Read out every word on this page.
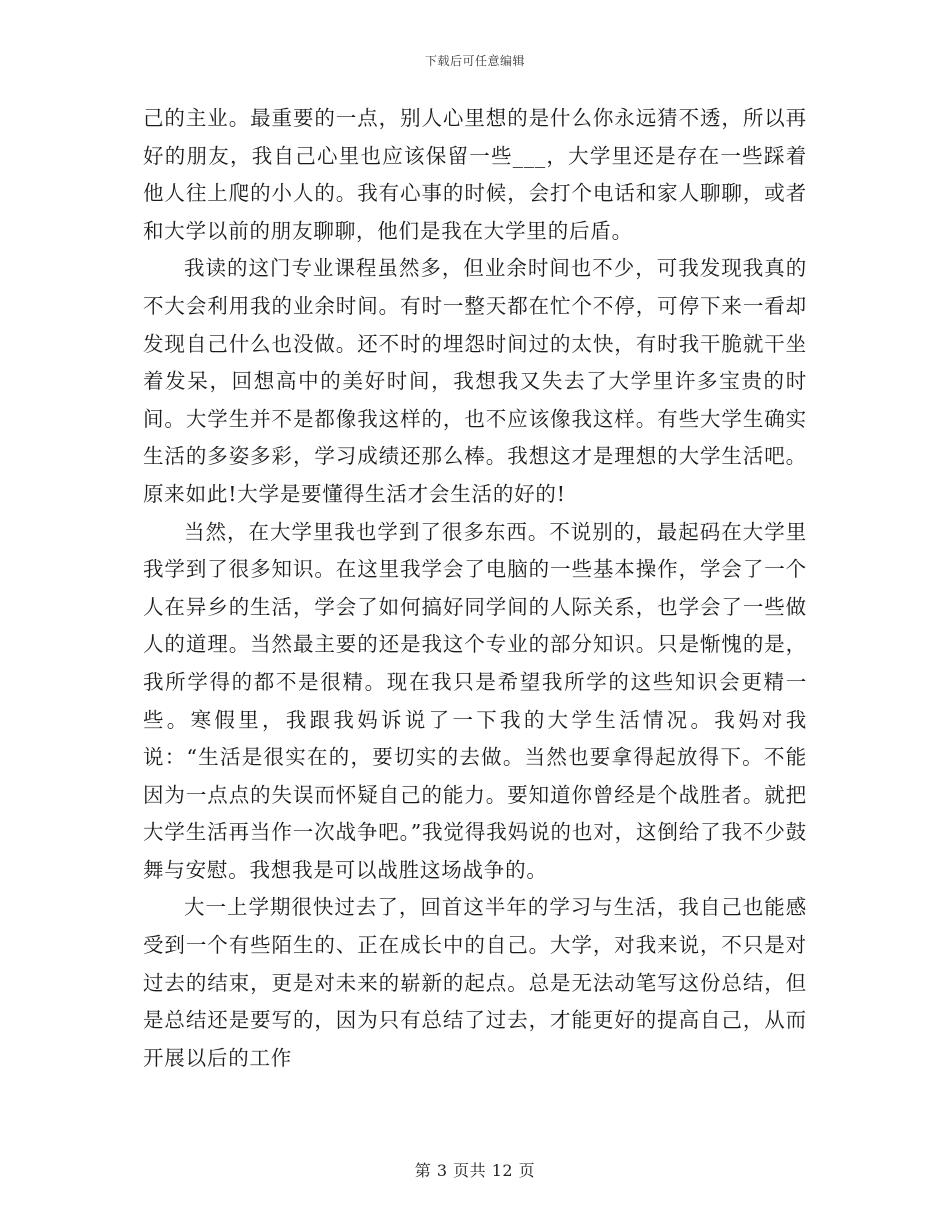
下载后可任意编辑

己的主业。最重要的一点，别人心里想的是什么你永远猜不透，所以再好的朋友，我自己心里也应该保留一些___，大学里还是存在一些踩着他人往上爬的小人的。我有心事的时候，会打个电话和家人聊聊，或者和大学以前的朋友聊聊，他们是我在大学里的后盾。

我读的这门专业课程虽然多，但业余时间也不少，可我发现我真的不大会利用我的业余时间。有时一整天都在忙个不停，可停下来一看却发现自己什么也没做。还不时的埋怨时间过的太快，有时我干脆就干坐着发呆，回想高中的美好时间，我想我又失去了大学里许多宝贵的时间。大学生并不是都像我这样的，也不应该像我这样。有些大学生确实生活的多姿多彩，学习成绩还那么棒。我想这才是理想的大学生活吧。原来如此!大学是要懂得生活才会生活的好的!

当然，在大学里我也学到了很多东西。不说别的，最起码在大学里我学到了很多知识。在这里我学会了电脑的一些基本操作，学会了一个人在异乡的生活，学会了如何搞好同学间的人际关系，也学会了一些做人的道理。当然最主要的还是我这个专业的部分知识。只是惭愧的是，我所学得的都不是很精。现在我只是希望我所学的这些知识会更精一些。寒假里，我跟我妈诉说了一下我的大学生活情况。我妈对我说：“生活是很实在的，要切实的去做。当然也要拿得起放得下。不能因为一点点的失误而怀疑自己的能力。要知道你曾经是个战胜者。就把大学生活再当作一次战争吧。”我觉得我妈说的也对，这倒给了我不少鼓舞与安慰。我想我是可以战胜这场战争的。

大一上学期很快过去了，回首这半年的学习与生活，我自己也能感受到一个有些陌生的、正在成长中的自己。大学，对我来说，不只是对过去的结束，更是对未来的崭新的起点。总是无法动笔写这份总结，但是总结还是要写的，因为只有总结了过去，才能更好的提高自己，从而开展以后的工作

第 3 页共 12 页
